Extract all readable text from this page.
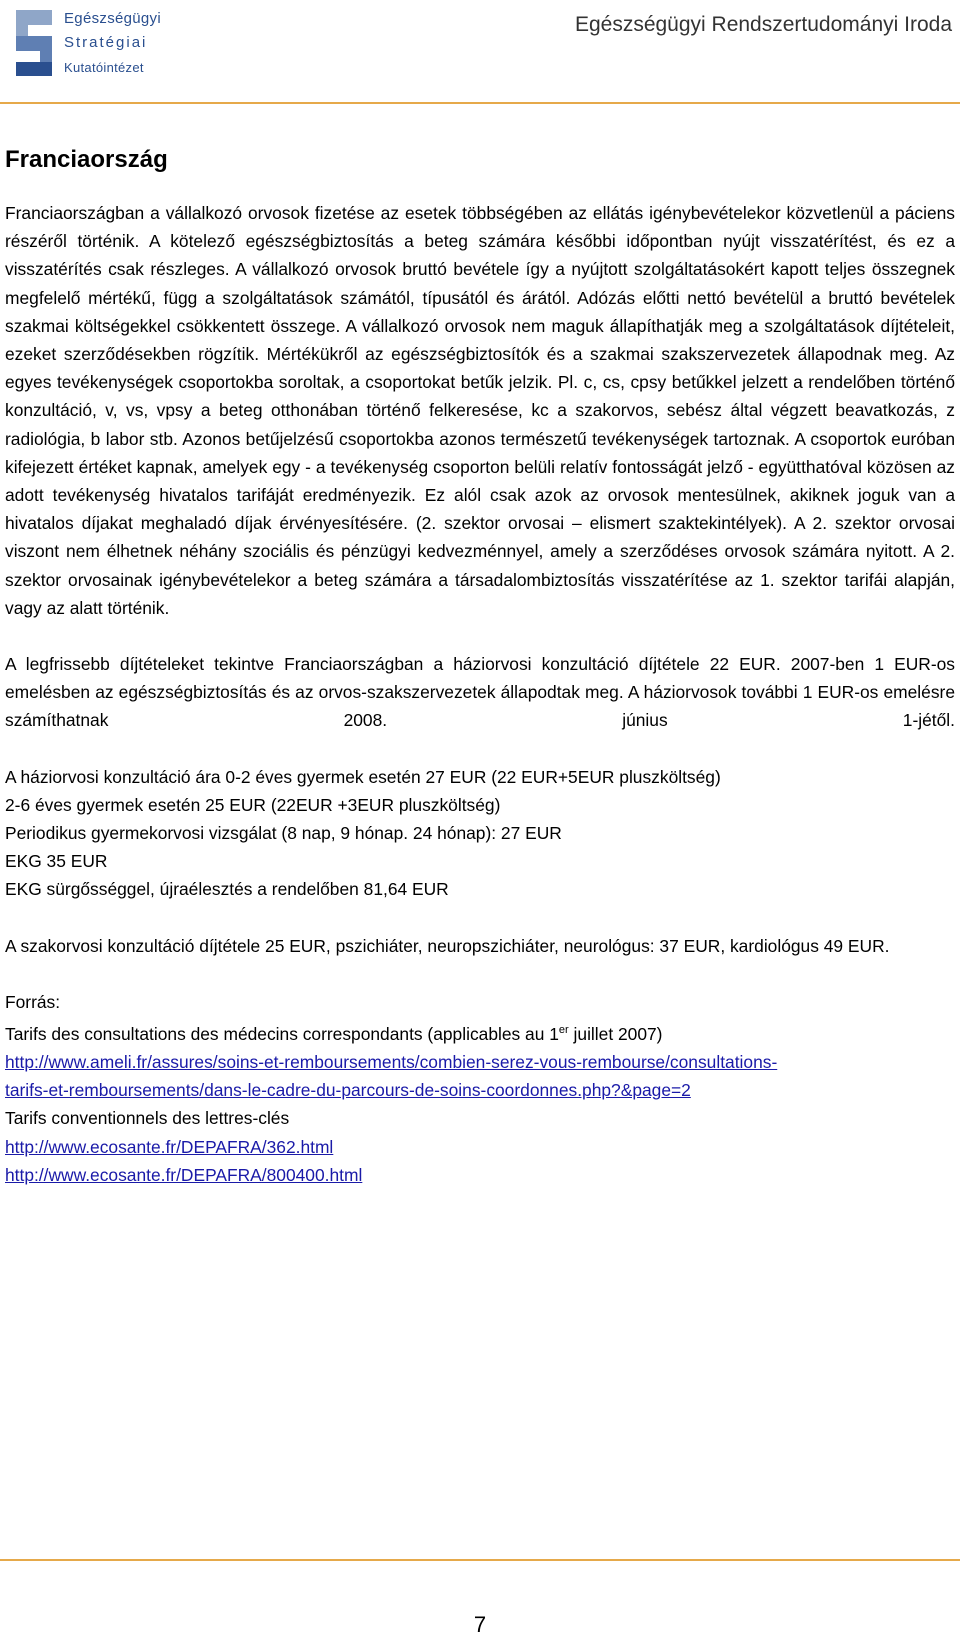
Egészségügyi
Stratégiai
Kutatóintézet
Egészségügyi Rendszertudományi Iroda
Franciaország

Franciaországban a vállalkozó orvosok fizetése az esetek többségében az ellátás igénybevételekor közvetlenül a páciens részéről történik. A kötelező egészségbiztosítás a beteg számára későbbi időpontban nyújt visszatérítést, és ez a visszatérítés csak részleges. A vállalkozó orvosok bruttó bevétele így a nyújtott szolgáltatásokért kapott teljes összegnek megfelelő mértékű, függ a szolgáltatások számától, típusától és árától. Adózás előtti nettó bevételül a bruttó bevételek szakmai költségekkel csökkentett összege. A vállalkozó orvosok nem maguk állapíthatják meg a szolgáltatások díjtételeit, ezeket szerződésekben rögzítik. Mértékükről az egészségbiztosítók és a szakmai szakszervezetek állapodnak meg. Az egyes tevékenységek csoportokba soroltak, a csoportokat betűk jelzik. Pl. c, cs, cpsy betűkkel jelzett a rendelőben történő konzultáció, v, vs, vpsy a beteg otthonában történő felkeresése, kc a szakorvos, sebész által végzett beavatkozás, z radiológia, b labor stb. Azonos betűjelzésű csoportokba azonos természetű tevékenységek tartoznak. A csoportok euróban kifejezett értéket kapnak, amelyek egy - a tevékenység csoporton belüli relatív fontosságát jelző - együtthatóval közösen az adott tevékenység hivatalos tarifáját eredményezik. Ez alól csak azok az orvosok mentesülnek, akiknek joguk van a hivatalos díjakat meghaladó díjak érvényesítésére. (2. szektor orvosai – elismert szaktekintélyek). A 2. szektor orvosai viszont nem élhetnek néhány szociális és pénzügyi kedvezménnyel, amely a szerződéses orvosok számára nyitott. A 2. szektor orvosainak igénybevételekor a beteg számára a társadalombiztosítás visszatérítése az 1. szektor tarifái alapján, vagy az alatt történik.

A legfrissebb díjtételeket tekintve Franciaországban a háziorvosi konzultáció díjtétele 22 EUR. 2007-ben 1 EUR-os emelésben az egészségbiztosítás és az orvos-szakszervezetek állapodtak meg. A háziorvosok további 1 EUR-os emelésre számíthatnak 2008. június 1-jétől.

A háziorvosi konzultáció ára 0-2 éves gyermek esetén 27 EUR (22 EUR+5EUR pluszköltség)
2-6 éves gyermek esetén 25 EUR (22EUR +3EUR pluszköltség)
Periodikus gyermekorvosi vizsgálat (8 nap, 9 hónap. 24 hónap): 27 EUR
EKG 35 EUR
EKG sürgősséggel, újraélesztés a rendelőben 81,64 EUR

A szakorvosi konzultáció díjtétele 25 EUR, pszichiáter, neuropszichiáter, neurológus: 37 EUR, kardiológus 49 EUR.

Forrás:
Tarifs des consultations des médecins correspondants (applicables au 1er juillet 2007)
http://www.ameli.fr/assures/soins-et-remboursements/combien-serez-vous-rembourse/consultations-
tarifs-et-remboursements/dans-le-cadre-du-parcours-de-soins-coordonnes.php?&page=2
Tarifs conventionnels des lettres-clés
http://www.ecosante.fr/DEPAFRA/362.html
http://www.ecosante.fr/DEPAFRA/800400.html

7
